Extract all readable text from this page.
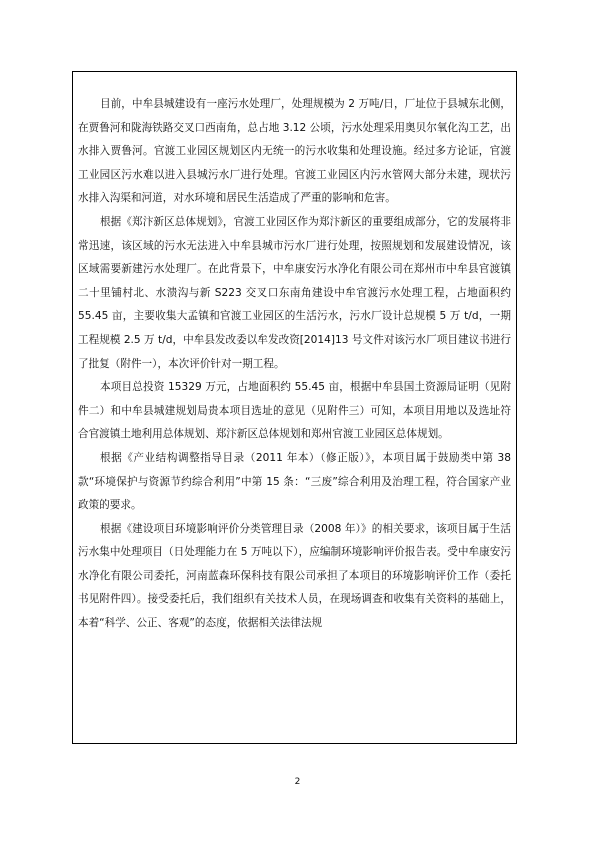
目前，中牟县城建设有一座污水处理厂，处理规模为 2 万吨/日，厂址位于县城东北侧，在贾鲁河和陇海铁路交叉口西南角，总占地 3.12 公顷，污水处理采用奥贝尔氧化沟工艺，出水排入贾鲁河。官渡工业园区规划区内无统一的污水收集和处理设施。经过多方论证，官渡工业园区污水难以进入县城污水厂进行处理。官渡工业园区内污水管网大部分未建，现状污水排入沟渠和河道，对水环境和居民生活造成了严重的影响和危害。

根据《郑汴新区总体规划》，官渡工业园区作为郑汴新区的重要组成部分，它的发展将非常迅速，该区域的污水无法进入中牟县城市污水厂进行处理，按照规划和发展建设情况，该区域需要新建污水处理厂。在此背景下，中牟康安污水净化有限公司在郑州市中牟县官渡镇二十里铺村北、水溃沟与新 S223 交叉口东南角建设中牟官渡污水处理工程，占地面积约 55.45 亩，主要收集大孟镇和官渡工业园区的生活污水，污水厂设计总规模 5 万 t/d，一期工程规模 2.5 万 t/d，中牟县发改委以牟发改资[2014]13 号文件对该污水厂项目建议书进行了批复（附件一），本次评价针对一期工程。

本项目总投资 15329 万元，占地面积约 55.45 亩，根据中牟县国土资源局证明（见附件二）和中牟县城建规划局贵本项目选址的意见（见附件三）可知，本项目用地以及选址符合官渡镇土地利用总体规划、郑汴新区总体规划和郑州官渡工业园区总体规划。

根据《产业结构调整指导目录（2011 年本）（修正版）》，本项目属于鼓励类中第 38 款“环境保护与资源节约综合利用”中第 15 条：“三废”综合利用及治理工程，符合国家产业政策的要求。

根据《建设项目环境影响评价分类管理目录（2008 年）》的相关要求，该项目属于生活污水集中处理项目（日处理能力在 5 万吨以下），应编制环境影响评价报告表。受中牟康安污水净化有限公司委托，河南蓝森环保科技有限公司承担了本项目的环境影响评价工作（委托书见附件四）。接受委托后，我们组织有关技术人员，在现场调查和收集有关资料的基础上，本着“科学、公正、客观”的态度，依据相关法律法规

2
